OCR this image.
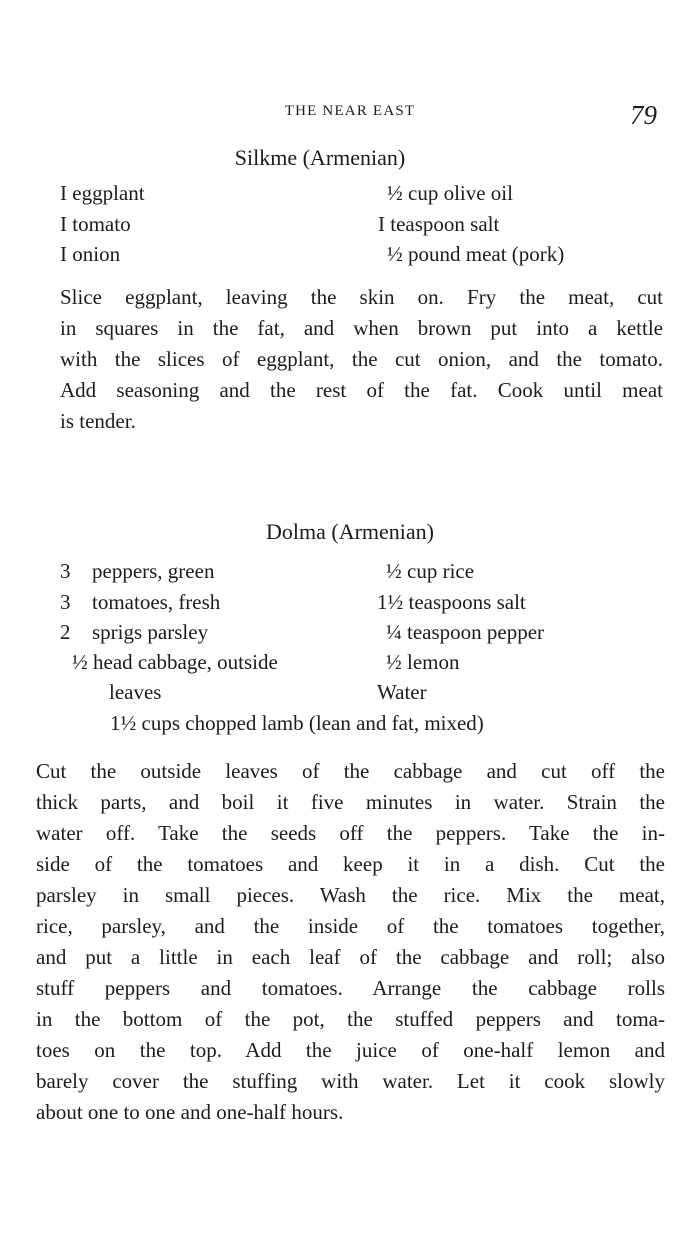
THE NEAR EAST	79
Silkme (Armenian)
I eggplant
I tomato
I onion
½ cup olive oil
I teaspoon salt
½ pound meat (pork)
Slice eggplant, leaving the skin on. Fry the meat, cut
in squares in the fat, and when brown put into a kettle
with the slices of eggplant, the cut onion, and the tomato.
Add seasoning and the rest of the fat. Cook until meat
is tender.
Dolma (Armenian)
3 peppers, green
3 tomatoes, fresh
2 sprigs parsley
½ head cabbage, outside
leaves
1½ cups chopped lamb (lean and fat, mixed)
½ cup rice
1½ teaspoons salt
¼ teaspoon pepper
½ lemon
Water
Cut the outside leaves of the cabbage and cut off the
thick parts, and boil it five minutes in water. Strain the
water off. Take the seeds off the peppers. Take the in-
side of the tomatoes and keep it in a dish. Cut the
parsley in small pieces. Wash the rice. Mix the meat,
rice, parsley, and the inside of the tomatoes together,
and put a little in each leaf of the cabbage and roll; also
stuff peppers and tomatoes. Arrange the cabbage rolls
in the bottom of the pot, the stuffed peppers and toma-
toes on the top. Add the juice of one-half lemon and
barely cover the stuffing with water. Let it cook slowly
about one to one and one-half hours.
